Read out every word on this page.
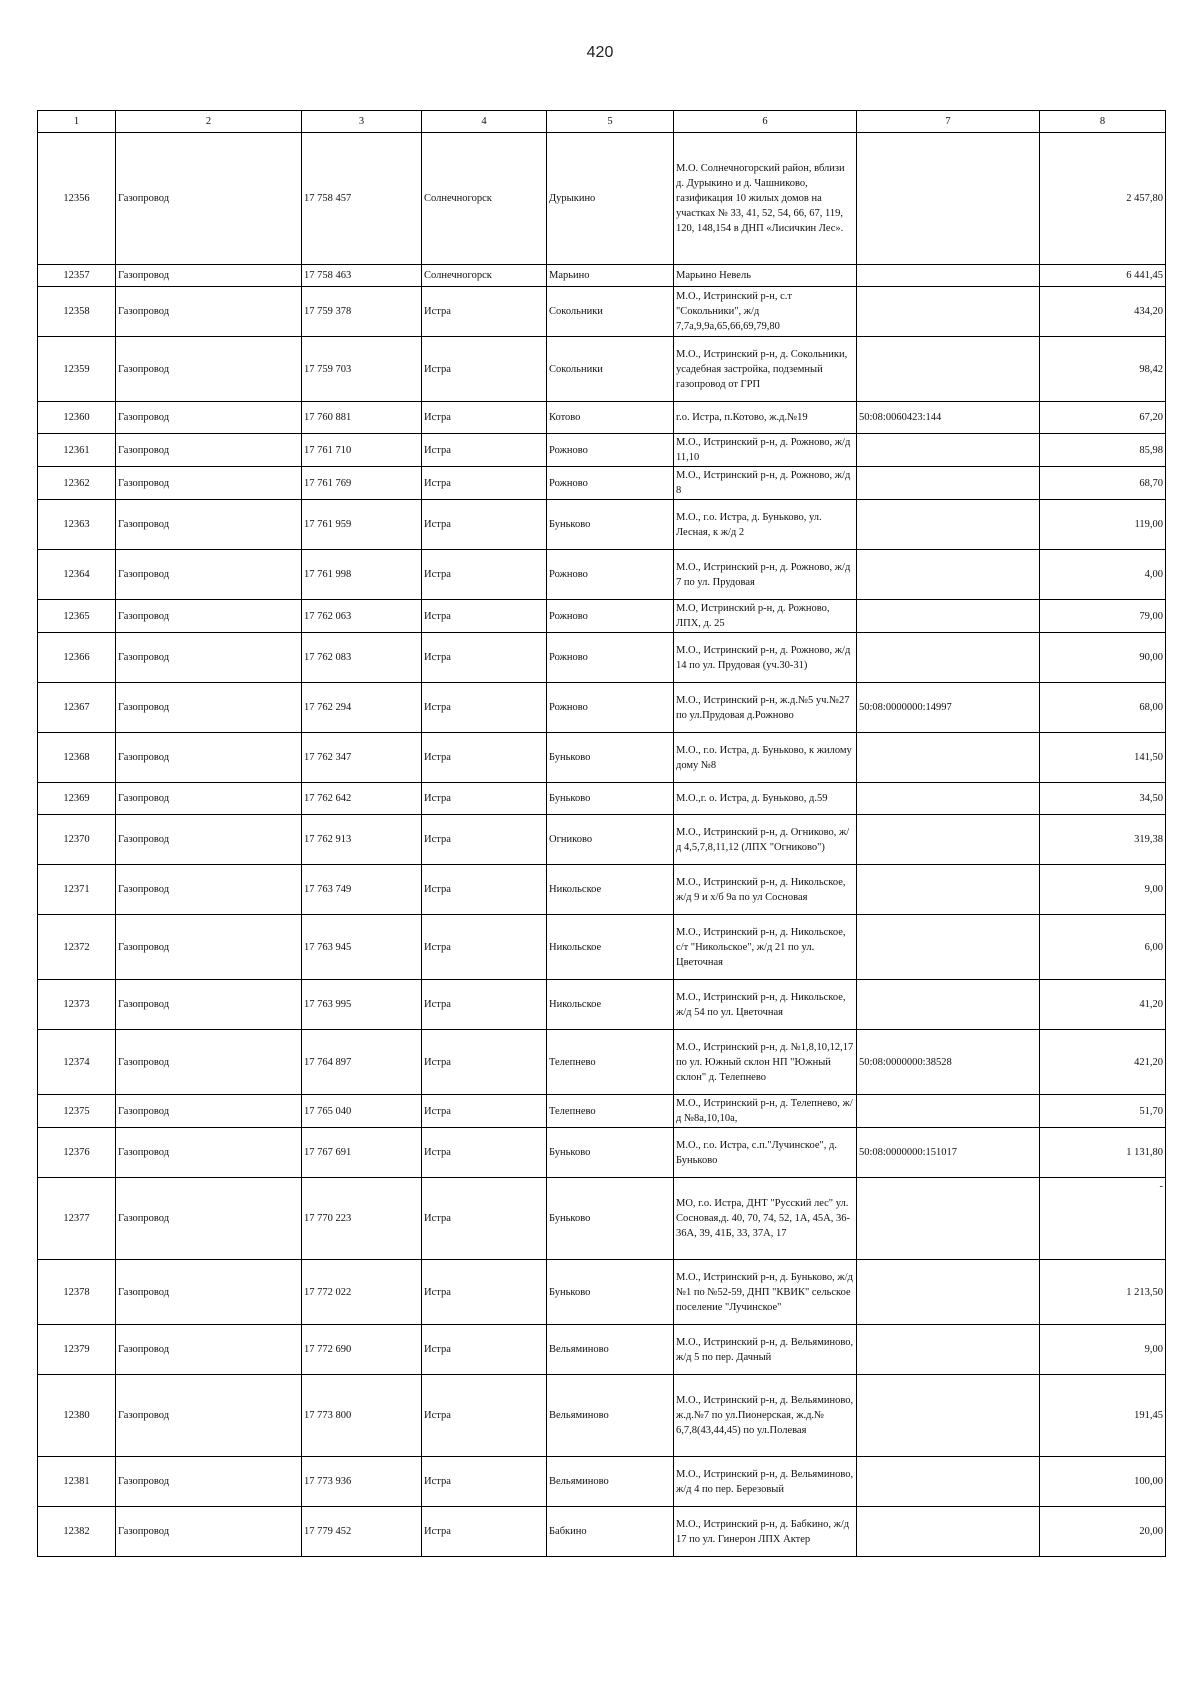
420
1	2	3	4	5	6	7	8
12356	Газопровод	17 758 457	Солнечногорск	Дурыкино	М.О. Солнечногорский район, вблизи д. Дурыкино и д. Чашниково, газификация 10 жилых домов на участках № 33, 41, 52, 54, 66, 67, 119, 120, 148,154 в ДНП «Лисичкин Лес».		2 457,80
12357	Газопровод	17 758 463	Солнечногорск	Марьино	Марьино Невель		6 441,45
12358	Газопровод	17 759 378	Истра	Сокольники	М.О., Истринский р-н, с.т "Сокольники", ж/д 7,7а,9,9а,65,66,69,79,80		434,20
12359	Газопровод	17 759 703	Истра	Сокольники	М.О., Истринский р-н, д. Сокольники, усадебная застройка, подземный газопровод от ГРП		98,42
12360	Газопровод	17 760 881	Истра	Котово	г.о. Истра, п.Котово, ж.д.№19	50:08:0060423:144	67,20
12361	Газопровод	17 761 710	Истра	Рожново	М.О., Истринский р-н, д. Рожново, ж/д 11,10		85,98
12362	Газопровод	17 761 769	Истра	Рожново	М.О., Истринский р-н, д. Рожново, ж/д 8		68,70
12363	Газопровод	17 761 959	Истра	Буньково	М.О., г.о. Истра, д. Буньково, ул. Лесная, к ж/д 2		119,00
12364	Газопровод	17 761 998	Истра	Рожново	М.О., Истринский р-н, д. Рожново, ж/д 7 по ул. Прудовая		4,00
12365	Газопровод	17 762 063	Истра	Рожново	М.О, Истринский р-н, д. Рожново, ЛПХ, д. 25		79,00
12366	Газопровод	17 762 083	Истра	Рожново	М.О., Истринский р-н, д. Рожново, ж/д 14 по ул. Прудовая (уч.30-31)		90,00
12367	Газопровод	17 762 294	Истра	Рожново	М.О., Истринский р-н, ж.д.№5 уч.№27 по ул.Прудовая д.Рожново	50:08:0000000:14997	68,00
12368	Газопровод	17 762 347	Истра	Буньково	М.О., г.о. Истра, д. Буньково, к жилому дому №8		141,50
12369	Газопровод	17 762 642	Истра	Буньково	М.О.,г. о. Истра, д. Буньково, д.59		34,50
12370	Газопровод	17 762 913	Истра	Огниково	М.О., Истринский р-н, д. Огниково, ж/д 4,5,7,8,11,12 (ЛПХ "Огниково")		319,38
12371	Газопровод	17 763 749	Истра	Никольское	М.О., Истринский р-н, д. Никольское, ж/д 9 и х/б 9а по ул Сосновая		9,00
12372	Газопровод	17 763 945	Истра	Никольское	М.О., Истринский р-н, д. Никольское, с/т "Никольское", ж/д 21 по ул. Цветочная		6,00
12373	Газопровод	17 763 995	Истра	Никольское	М.О., Истринский р-н, д. Никольское, ж/д 54 по ул. Цветочная		41,20
12374	Газопровод	17 764 897	Истра	Телепнево	М.О., Истринский р-н, д. №1,8,10,12,17 по ул. Южный склон НП "Южный склон" д. Телепнево	50:08:0000000:38528	421,20
12375	Газопровод	17 765 040	Истра	Телепнево	М.О., Истринский р-н, д. Телепнево, ж/д №8а,10,10а,		51,70
12376	Газопровод	17 767 691	Истра	Буньково	М.О., г.о. Истра, с.п."Лучинское", д. Буньково	50:08:0000000:151017	1 131,80
12377	Газопровод	17 770 223	Истра	Буньково	МО, г.о. Истра, ДНТ "Русский лес" ул. Сосновая,д. 40, 70, 74, 52, 1А, 45А, 36-36А, 39, 41Б, 33, 37А, 17		-
12378	Газопровод	17 772 022	Истра	Буньково	М.О., Истринский р-н, д. Буньково, ж/д №1 по №52-59, ДНП "КВИК" сельское поселение "Лучинское"		1 213,50
12379	Газопровод	17 772 690	Истра	Вельяминово	М.О., Истринский р-н, д. Вельяминово, ж/д 5 по пер. Дачный		9,00
12380	Газопровод	17 773 800	Истра	Вельяминово	М.О., Истринский р-н, д. Вельяминово, ж.д.№7 по ул.Пионерская, ж.д.№ 6,7,8(43,44,45) по ул.Полевая		191,45
12381	Газопровод	17 773 936	Истра	Вельяминово	М.О., Истринский р-н, д. Вельяминово, ж/д 4 по пер. Березовый		100,00
12382	Газопровод	17 779 452	Истра	Бабкино	М.О., Истринский р-н, д. Бабкино, ж/д 17 по ул. Гинерон ЛПХ Актер		20,00
